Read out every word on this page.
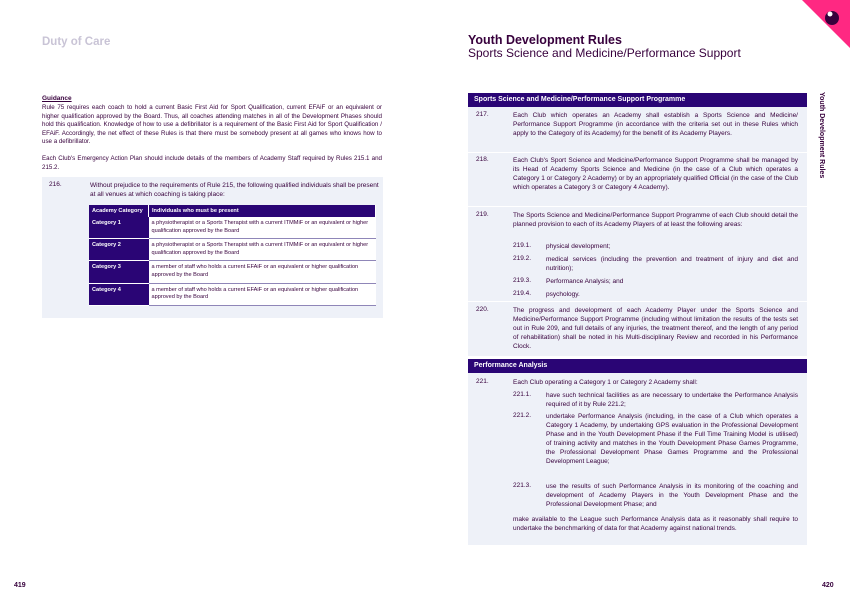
Duty of Care
Guidance
Rule 75 requires each coach to hold a current Basic First Aid for Sport Qualification, current EFAiF or an equivalent or higher qualification approved by the Board. Thus, all coaches attending matches in all of the Development Phases should hold this qualification. Knowledge of how to use a defibrillator is a requirement of the Basic First Aid for Sport Qualification / EFAiF. Accordingly, the net effect of these Rules is that there must be somebody present at all games who knows how to use a defibrillator.
Each Club's Emergency Action Plan should include details of the members of Academy Staff required by Rules 215.1 and 215.2.
216.	Without prejudice to the requirements of Rule 215, the following qualified individuals shall be present at all venues at which coaching is taking place:
Academy Category	Individuals who must be present
Category 1	a physiotherapist or a Sports Therapist with a current ITMMiF or an equivalent or higher qualification approved by the Board
Category 2	a physiotherapist or a Sports Therapist with a current ITMMiF or an equivalent or higher qualification approved by the Board
Category 3	a member of staff who holds a current EFAiF or an equivalent or higher qualification approved by the Board
Category 4	a member of staff who holds a current EFAiF or an equivalent or higher qualification approved by the Board
419
Youth Development Rules
Sports Science and Medicine/Performance Support
Youth Development Rules
Sports Science and Medicine/Performance Support Programme
217.	Each Club which operates an Academy shall establish a Sports Science and Medicine/ Performance Support Programme (in accordance with the criteria set out in these Rules which apply to the Category of its Academy) for the benefit of its Academy Players.
218.	Each Club's Sport Science and Medicine/Performance Support Programme shall be managed by its Head of Academy Sports Science and Medicine (in the case of a Club which operates a Category 1 or Category 2 Academy) or by an appropriately qualified Official (in the case of the Club which operates a Category 3 or Category 4 Academy).
219.	The Sports Science and Medicine/Performance Support Programme of each Club should detail the planned provision to each of its Academy Players of at least the following areas:
219.1. physical development;
219.2. medical services (including the prevention and treatment of injury and diet and nutrition);
219.3. Performance Analysis; and
219.4. psychology.
220.	The progress and development of each Academy Player under the Sports Science and Medicine/Performance Support Programme (including without limitation the results of the tests set out in Rule 209, and full details of any injuries, the treatment thereof, and the length of any period of rehabilitation) shall be noted in his Multi-disciplinary Review and recorded in his Performance Clock.
Performance Analysis
221.	Each Club operating a Category 1 or Category 2 Academy shall:
221.1. have such technical facilities as are necessary to undertake the Performance Analysis required of it by Rule 221.2;
221.2. undertake Performance Analysis (including, in the case of a Club which operates a Category 1 Academy, by undertaking GPS evaluation in the Professional Development Phase and in the Youth Development Phase if the Full Time Training Model is utilised) of training activity and matches in the Youth Development Phase Games Programme, the Professional Development Phase Games Programme and the Professional Development League;
221.3. use the results of such Performance Analysis in its monitoring of the coaching and development of Academy Players in the Youth Development Phase and the Professional Development Phase; and
make available to the League such Performance Analysis data as it reasonably shall require to undertake the benchmarking of data for that Academy against national trends.
420
